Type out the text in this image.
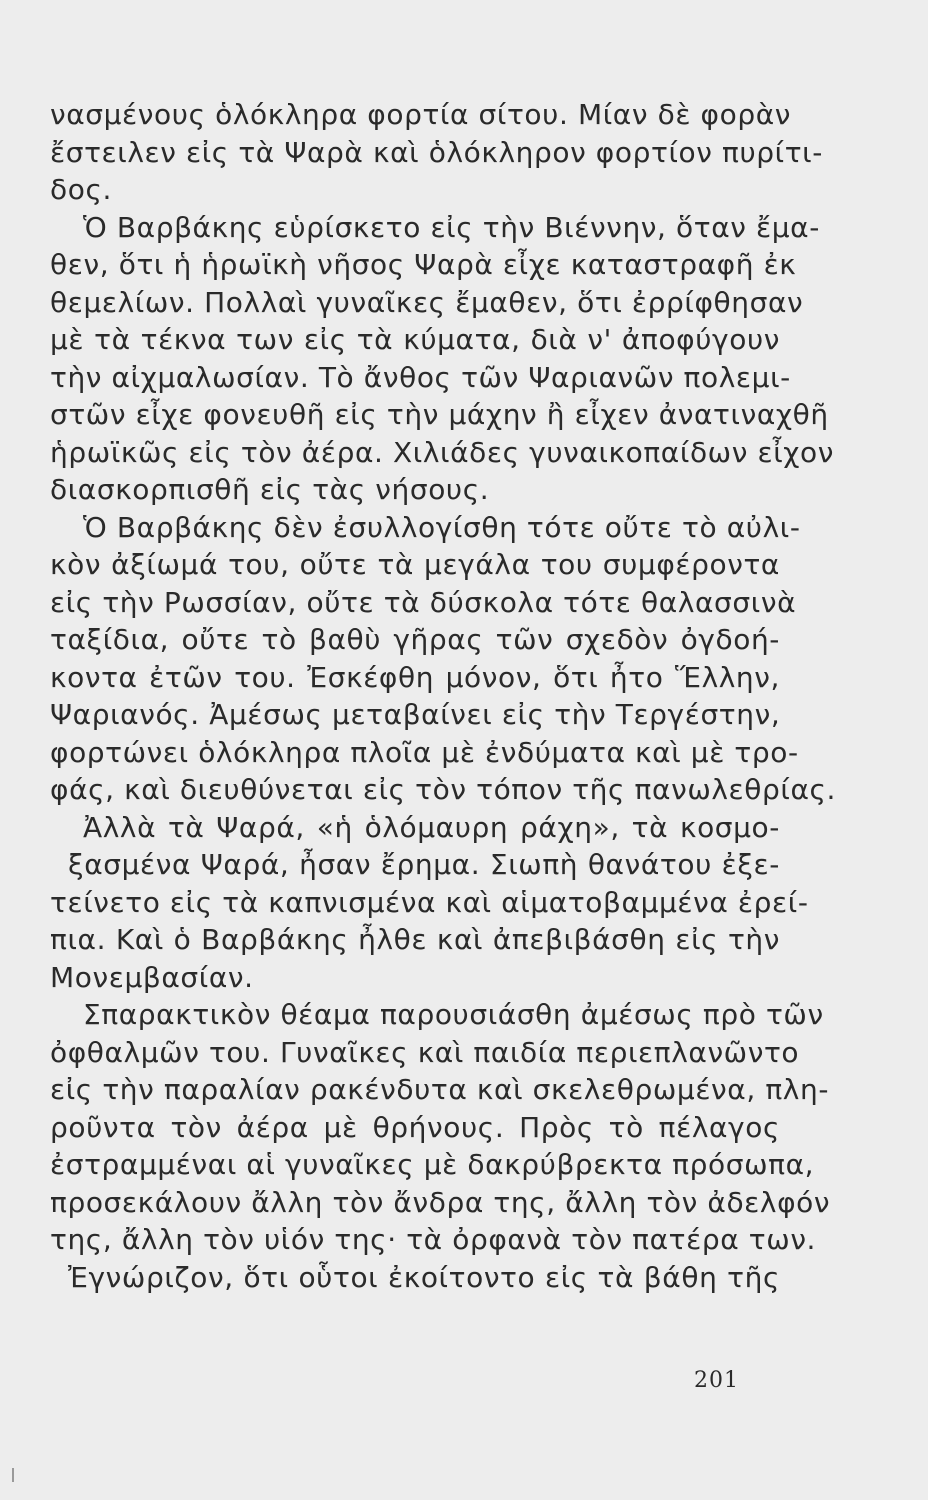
νασμένους ὁλόκληρα φορτία σίτου. Μίαν δὲ φορὰν
ἔστειλεν εἰς τὰ Ψαρὰ καὶ ὁλόκληρον φορτίον πυρίτι-
δος.
Ὁ Βαρβάκης εὑρίσκετο εἰς τὴν Βιέννην, ὅταν ἔμα-
θεν, ὅτι ἡ ἡρωϊκὴ νῆσος Ψαρὰ εἶχε καταστραφῆ ἐκ
θεμελίων. Πολλαὶ γυναῖκες ἔμαθεν, ὅτι ἐρρίφθησαν
μὲ τὰ τέκνα των εἰς τὰ κύματα, διὰ ν' ἀποφύγουν
τὴν αἰχμαλωσίαν. Τὸ ἄνθος τῶν Ψαριανῶν πολεμι-
στῶν εἶχε φονευθῆ εἰς τὴν μάχην ἢ εἶχεν ἀνατιναχθῆ
ἡρωϊκῶς εἰς τὸν ἀέρα. Χιλιάδες γυναικοπαίδων εἶχον
διασκορπισθῆ εἰς τὰς νήσους.
Ὁ Βαρβάκης δὲν ἐσυλλογίσθη τότε οὔτε τὸ αὐλι-
κὸν ἀξίωμά του, οὔτε τὰ μεγάλα του συμφέροντα
εἰς τὴν Ρωσσίαν, οὔτε τὰ δύσκολα τότε θαλασσινὰ
ταξίδια, οὔτε τὸ βαθὺ γῆρας τῶν σχεδὸν ὀγδοή-
κοντα ἐτῶν του. Ἐσκέφθη μόνον, ὅτι ἦτο Ἕλλην,
Ψαριανός. Ἀμέσως μεταβαίνει εἰς τὴν Τεργέστην,
φορτώνει ὁλόκληρα πλοῖα μὲ ἐνδύματα καὶ μὲ τρο-
φάς, καὶ διευθύνεται εἰς τὸν τόπον τῆς πανωλεθρίας.
Ἀλλὰ τὰ Ψαρά, «ἡ ὁλόμαυρη ράχη», τὰ κοσμο-
ξασμένα Ψαρά, ἦσαν ἔρημα. Σιωπὴ θανάτου ἐξε-
τείνετο εἰς τὰ καπνισμένα καὶ αἱματοβαμμένα ἐρεί-
πια. Καὶ ὁ Βαρβάκης ἦλθε καὶ ἀπεβιβάσθη εἰς τὴν
Μονεμβασίαν.
Σπαρακτικὸν θέαμα παρουσιάσθη ἀμέσως πρὸ τῶν
ὀφθαλμῶν του. Γυναῖκες καὶ παιδία περιεπλανῶντο
εἰς τὴν παραλίαν ρακένδυτα καὶ σκελεθρωμένα, πλη-
ροῦντα τὸν ἀέρα μὲ θρήνους. Πρὸς τὸ πέλαγος
ἐστραμμέναι αἱ γυναῖκες μὲ δακρύβρεκτα πρόσωπα,
προσεκάλουν ἄλλη τὸν ἄνδρα της, ἄλλη τὸν ἀδελφόν
της, ἄλλη τὸν υἱόν της· τὰ ὀρφανὰ τὸν πατέρα των.
Ἐγνώριζον, ὅτι οὗτοι ἐκοίτοντο εἰς τὰ βάθη τῆς
201
